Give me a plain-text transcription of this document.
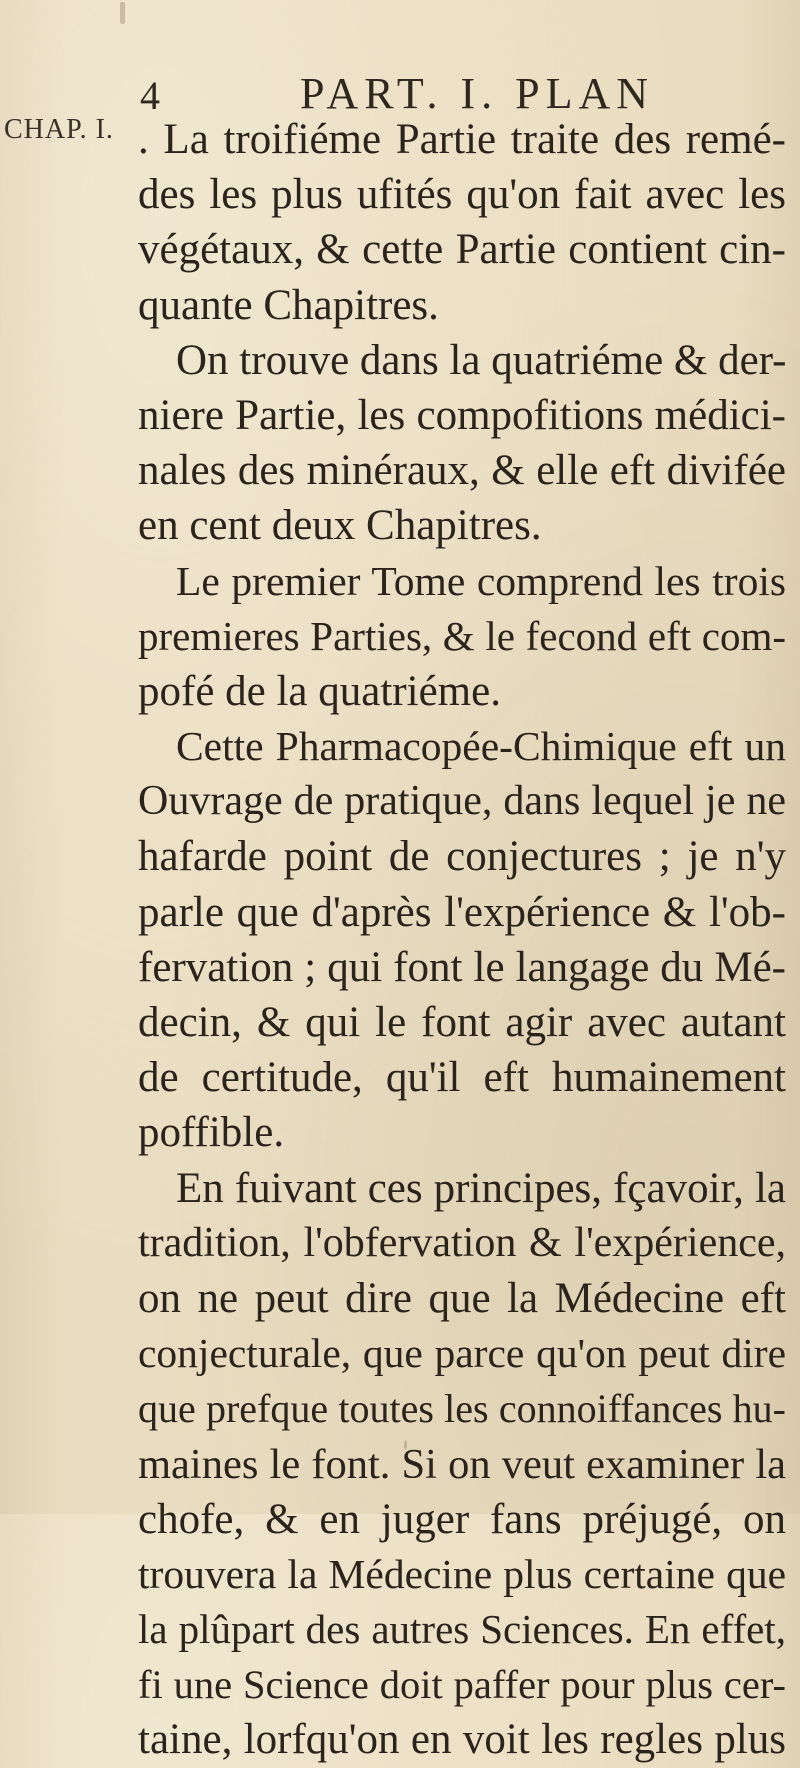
CHAP. I.
4	PART. I. PLAN
. La troifiéme Partie traite des remé-
des les plus ufités qu'on fait avec les
végétaux, & cette Partie contient cin-
quante Chapitres.
On trouve dans la quatriéme & der-
niere Partie, les compofitions médici-
nales des minéraux, & elle eft divifée
en cent deux Chapitres.
Le premier Tome comprend les trois
premieres Parties, & le fecond eft com-
pofé de la quatriéme.
Cette Pharmacopée-Chimique eft un
Ouvrage de pratique, dans lequel je ne
hafarde point de conjectures ; je n'y
parle que d'après l'expérience & l'ob-
fervation ; qui font le langage du Mé-
decin, & qui le font agir avec autant
de certitude, qu'il eft humainement
poffible.
En fuivant ces principes, fçavoir, la
tradition, l'obfervation & l'expérience,
on ne peut dire que la Médecine eft
conjecturale, que parce qu'on peut dire
que prefque toutes les connoiffances hu-
maines le font. Si on veut examiner la
chofe, & en juger fans préjugé, on
trouvera la Médecine plus certaine que
la plûpart des autres Sciences. En effet,
fi une Science doit paffer pour plus cer-
taine, lorfqu'on en voit les regles plus
